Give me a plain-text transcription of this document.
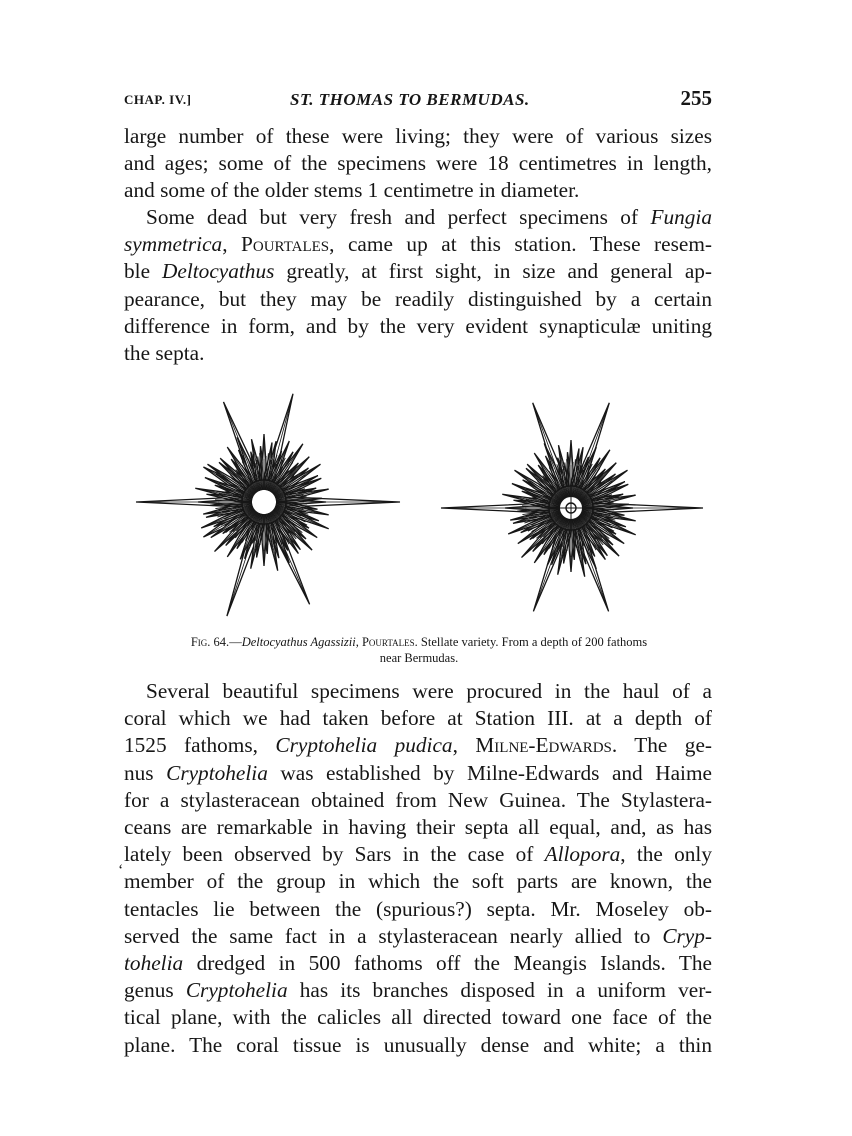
CHAP. IV.]	ST. THOMAS TO BERMUDAS.	255
large number of these were living; they were of various sizes
and ages; some of the specimens were 18 centimetres in length,
and some of the older stems 1 centimetre in diameter.
Some dead but very fresh and perfect specimens of Fungia
symmetrica, Pourtales, came up at this station. These resem-
ble Deltocyathus greatly, at first sight, in size and general ap-
pearance, but they may be readily distinguished by a certain
difference in form, and by the very evident synapticulæ uniting
the septa.
Fig. 64.—Deltocyathus Agassizii, Pourtales. Stellate variety. From a depth of 200 fathoms
near Bermudas.
‘
Several beautiful specimens were procured in the haul of a
coral which we had taken before at Station III. at a depth of
1525 fathoms, Cryptohelia pudica, Milne-Edwards. The ge-
nus Cryptohelia was established by Milne-Edwards and Haime
for a stylasteracean obtained from New Guinea. The Stylastera-
ceans are remarkable in having their septa all equal, and, as has
lately been observed by Sars in the case of Allopora, the only
member of the group in which the soft parts are known, the
tentacles lie between the (spurious?) septa. Mr. Moseley ob-
served the same fact in a stylasteracean nearly allied to Cryp-
tohelia dredged in 500 fathoms off the Meangis Islands. The
genus Cryptohelia has its branches disposed in a uniform ver-
tical plane, with the calicles all directed toward one face of the
plane. The coral tissue is unusually dense and white; a thin
